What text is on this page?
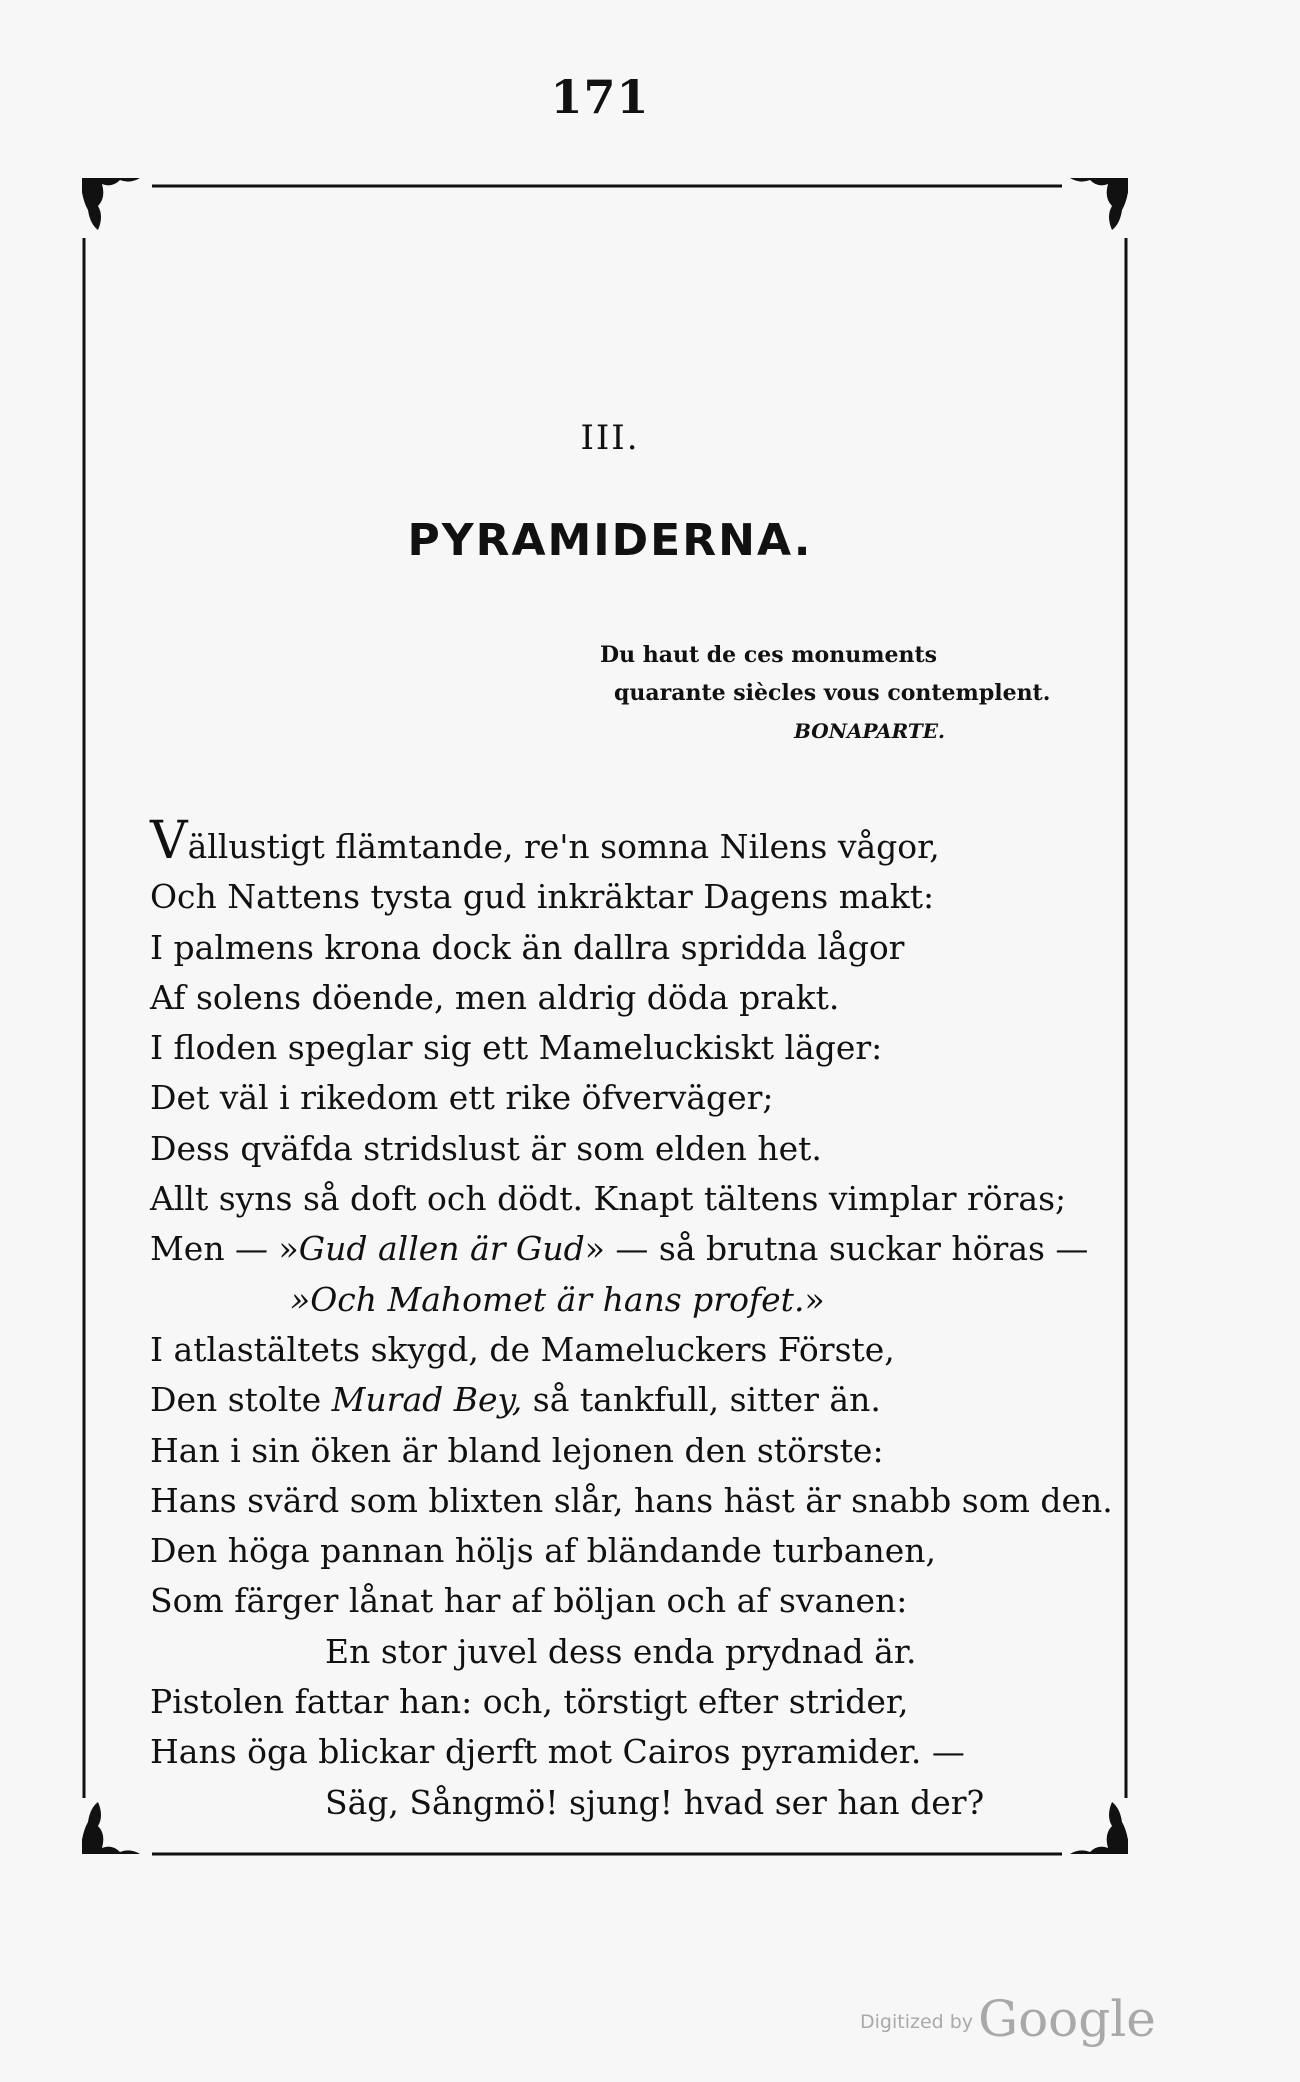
171
III.
PYRAMIDERNA.
Du haut de ces monuments
quarante siècles vous contemplent.
BONAPARTE.
Vällustigt flämtande, re'n somna Nilens vågor,
Och Nattens tysta gud inkräktar Dagens makt:
I palmens krona dock än dallra spridda lågor
Af solens döende, men aldrig döda prakt.
I floden speglar sig ett Mameluckiskt läger:
Det väl i rikedom ett rike öfverväger;
Dess qväfda stridslust är som elden het.
Allt syns så doft och dödt. Knapt tältens vimplar röras;
Men — »Gud allen är Gud» — så brutna suckar höras —
»Och Mahomet är hans profet.»
I atlastältets skygd, de Mameluckers Förste,
Den stolte Murad Bey, så tankfull, sitter än.
Han i sin öken är bland lejonen den störste:
Hans svärd som blixten slår, hans häst är snabb som den.
Den höga pannan höljs af bländande turbanen,
Som färger lånat har af böljan och af svanen:
En stor juvel dess enda prydnad är.
Pistolen fattar han: och, törstigt efter strider,
Hans öga blickar djerft mot Cairos pyramider. —
Säg, Sångmö! sjung! hvad ser han der?
Digitized by Google
